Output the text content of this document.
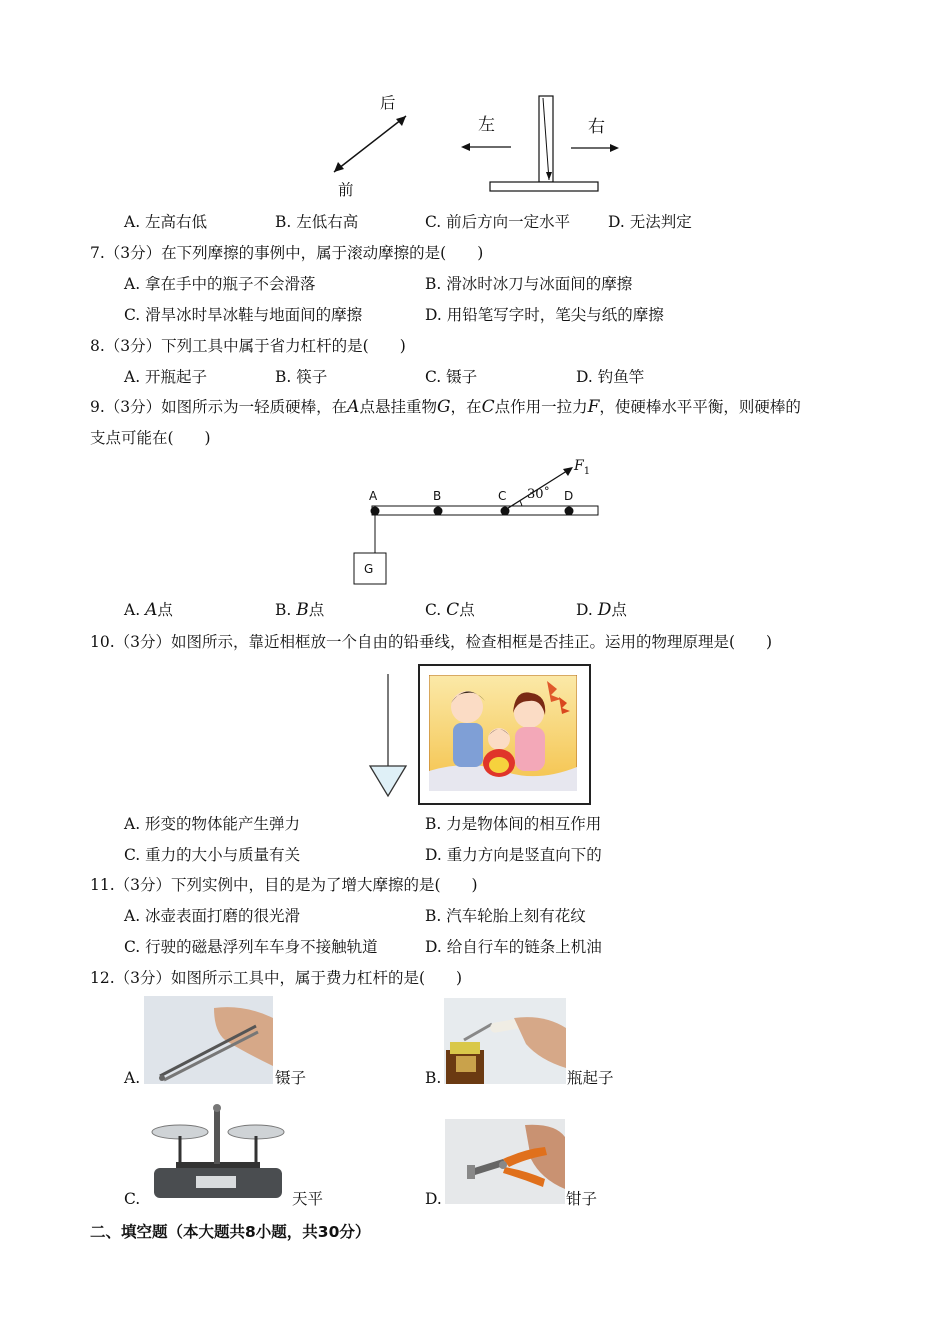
后
前
左	右
A. 左高右低	B. 左低右高	C. 前后方向一定水平 D. 无法判定
7.（3分）在下列摩擦的事例中，属于滚动摩擦的是(　　)
A. 拿在手中的瓶子不会滑落	B. 滑冰时冰刀与冰面间的摩擦
C. 滑旱冰时旱冰鞋与地面间的摩擦	D. 用铅笔写字时，笔尖与纸的摩擦
8.（3分）下列工具中属于省力杠杆的是(　　)
A. 开瓶起子	B. 筷子	C. 镊子	D. 钓鱼竿
9.（3分）如图所示为一轻质硬棒，在A点悬挂重物G，在C点作用一拉力F，使硬棒水平平衡，则硬棒的
支点可能在(　　)
A	B	C 30˚ D
G
$F_1$
A. A点	B. B点	C. C点	D. D点
10.（3分）如图所示，靠近相框放一个自由的铅垂线，检查相框是否挂正。运用的物理原理是(　　)
A. 形变的物体能产生弹力	B. 力是物体间的相互作用
C. 重力的大小与质量有关	D. 重力方向是竖直向下的
11.（3分）下列实例中，目的是为了增大摩擦的是(　　)
A. 冰壶表面打磨的很光滑	B. 汽车轮胎上刻有花纹
C. 行驶的磁悬浮列车车身不接触轨道	D. 给自行车的链条上机油
12.（3分）如图所示工具中，属于费力杠杆的是(　　)
A.	镊子	B.	瓶起子
C.	天平	D.	钳子
二、填空题（本大题共8小题，共30分）
